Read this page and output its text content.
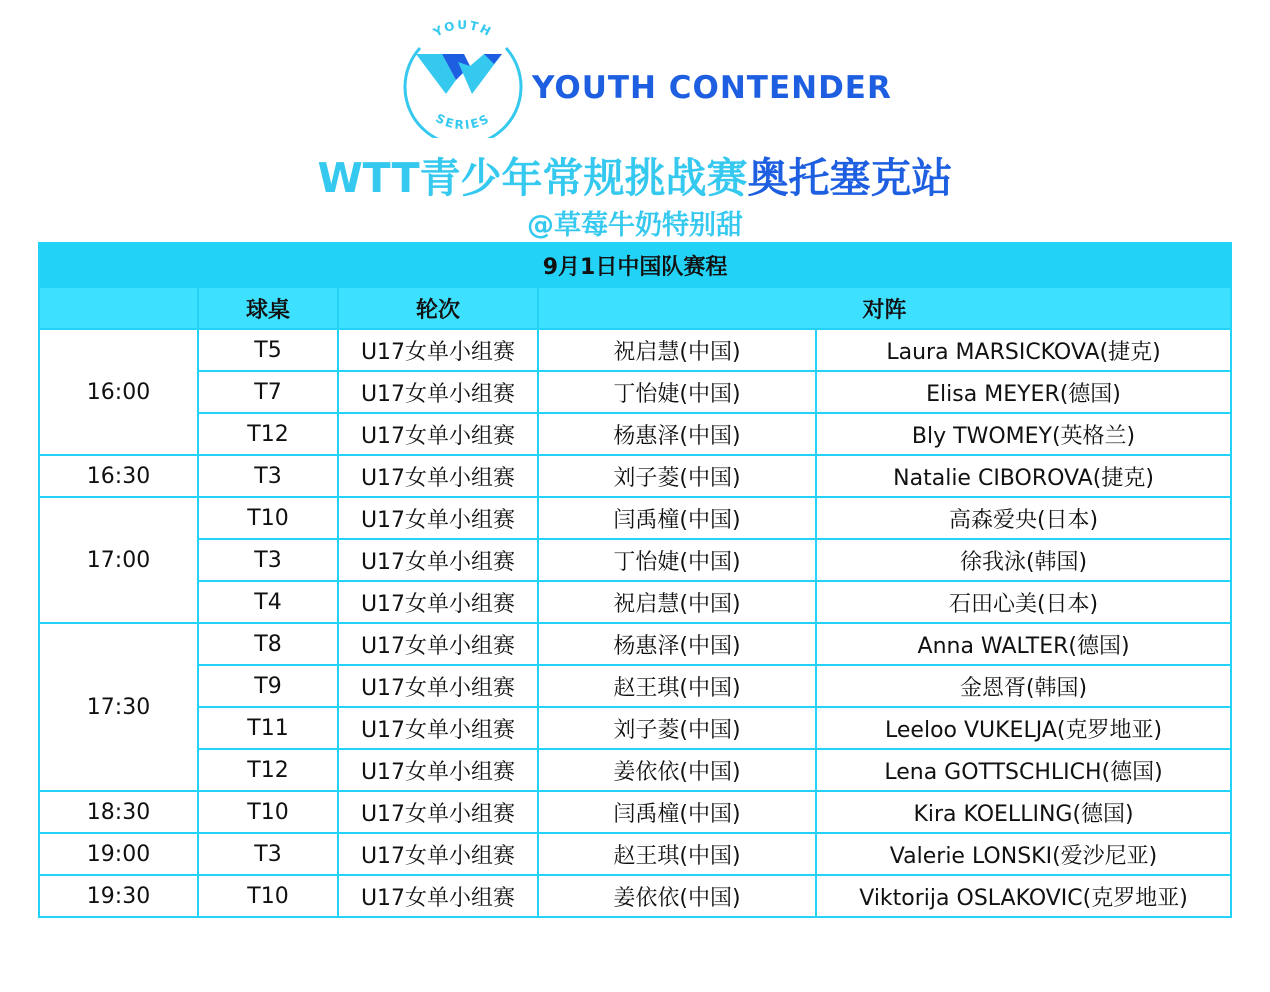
YOUTH
SERIES
YOUTH CONTENDER
WTT青少年常规挑战赛奥托塞克站
@草莓牛奶特别甜
9月1日中国队赛程				
	球桌	轮次	对阵	
16:00	T5	U17女单小组赛	祝启慧(中国)	Laura MARSICKOVA(捷克)
	T7	U17女单小组赛	丁怡婕(中国)	Elisa MEYER(德国)
	T12	U17女单小组赛	杨惠泽(中国)	Bly TWOMEY(英格兰)
16:30	T3	U17女单小组赛	刘子菱(中国)	Natalie CIBOROVA(捷克)
17:00	T10	U17女单小组赛	闫禹橦(中国)	高森爱央(日本)
	T3	U17女单小组赛	丁怡婕(中国)	徐我泳(韩国)
	T4	U17女单小组赛	祝启慧(中国)	石田心美(日本)
17:30	T8	U17女单小组赛	杨惠泽(中国)	Anna WALTER(德国)
	T9	U17女单小组赛	赵王琪(中国)	金恩胥(韩国)
	T11	U17女单小组赛	刘子菱(中国)	Leeloo VUKELJA(克罗地亚)
	T12	U17女单小组赛	姜依依(中国)	Lena GOTTSCHLICH(德国)
18:30	T10	U17女单小组赛	闫禹橦(中国)	Kira KOELLING(德国)
19:00	T3	U17女单小组赛	赵王琪(中国)	Valerie LONSKI(爱沙尼亚)
19:30	T10	U17女单小组赛	姜依依(中国)	Viktorija OSLAKOVIC(克罗地亚)
